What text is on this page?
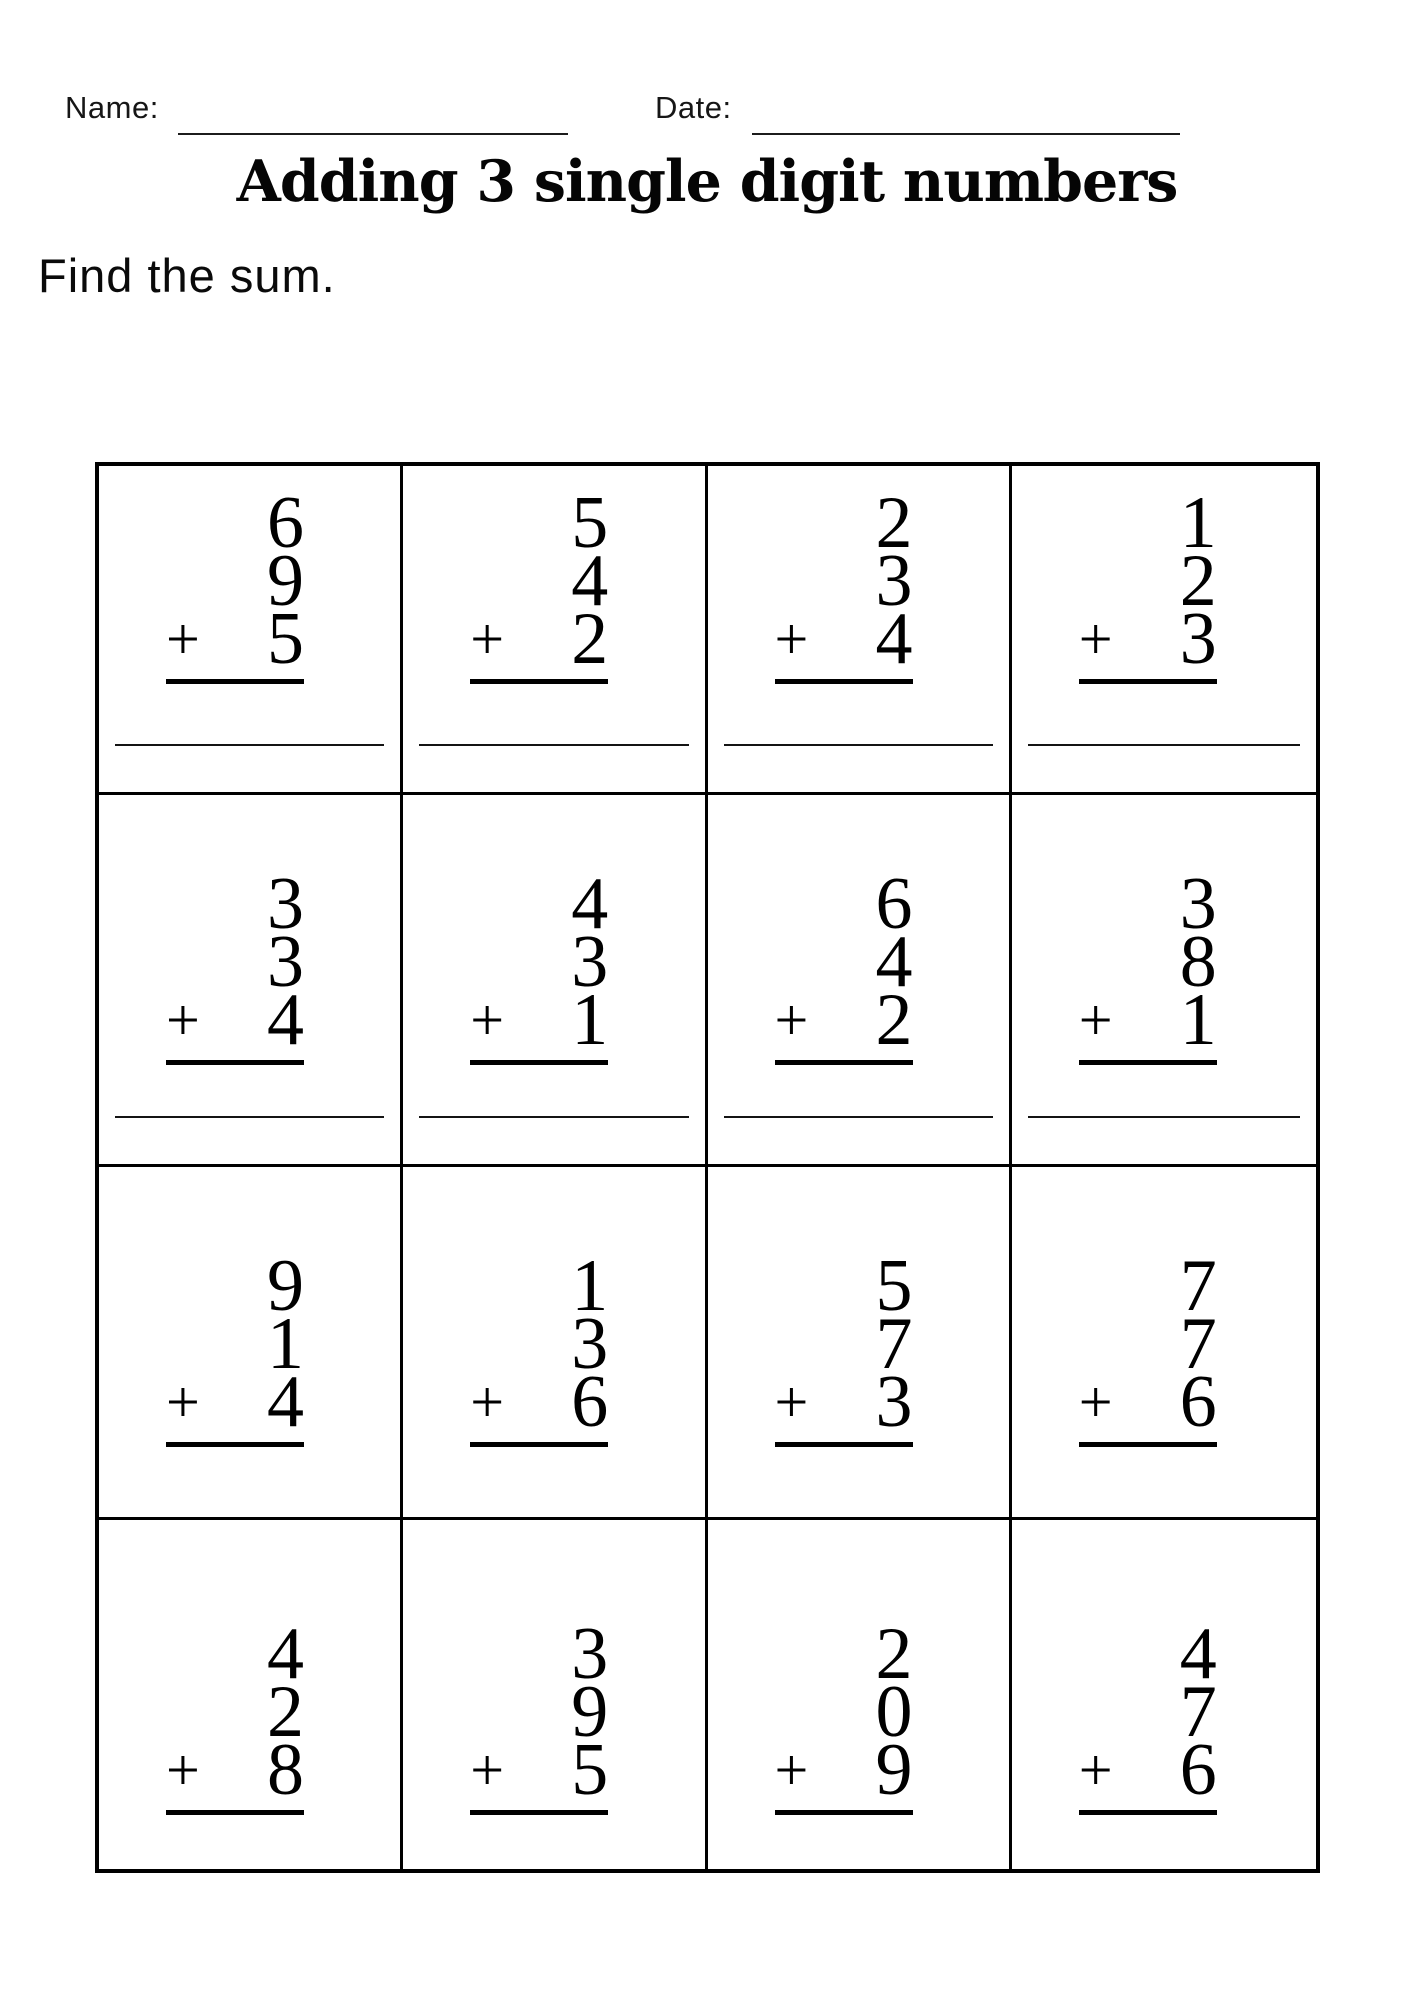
Name:	Date:
Adding 3 single digit numbers
Find the sum.
6
9
+ 5
5
4
+ 2
2
3
+ 4
1
2
+ 3
3
3
+ 4
4
3
+ 1
6
4
+ 2
3
8
+ 1
9
1
+ 4
1
3
+ 6
5
7
+ 3
7
7
+ 6
4
2
+ 8
3
9
+ 5
2
0
+ 9
4
7
+ 6
